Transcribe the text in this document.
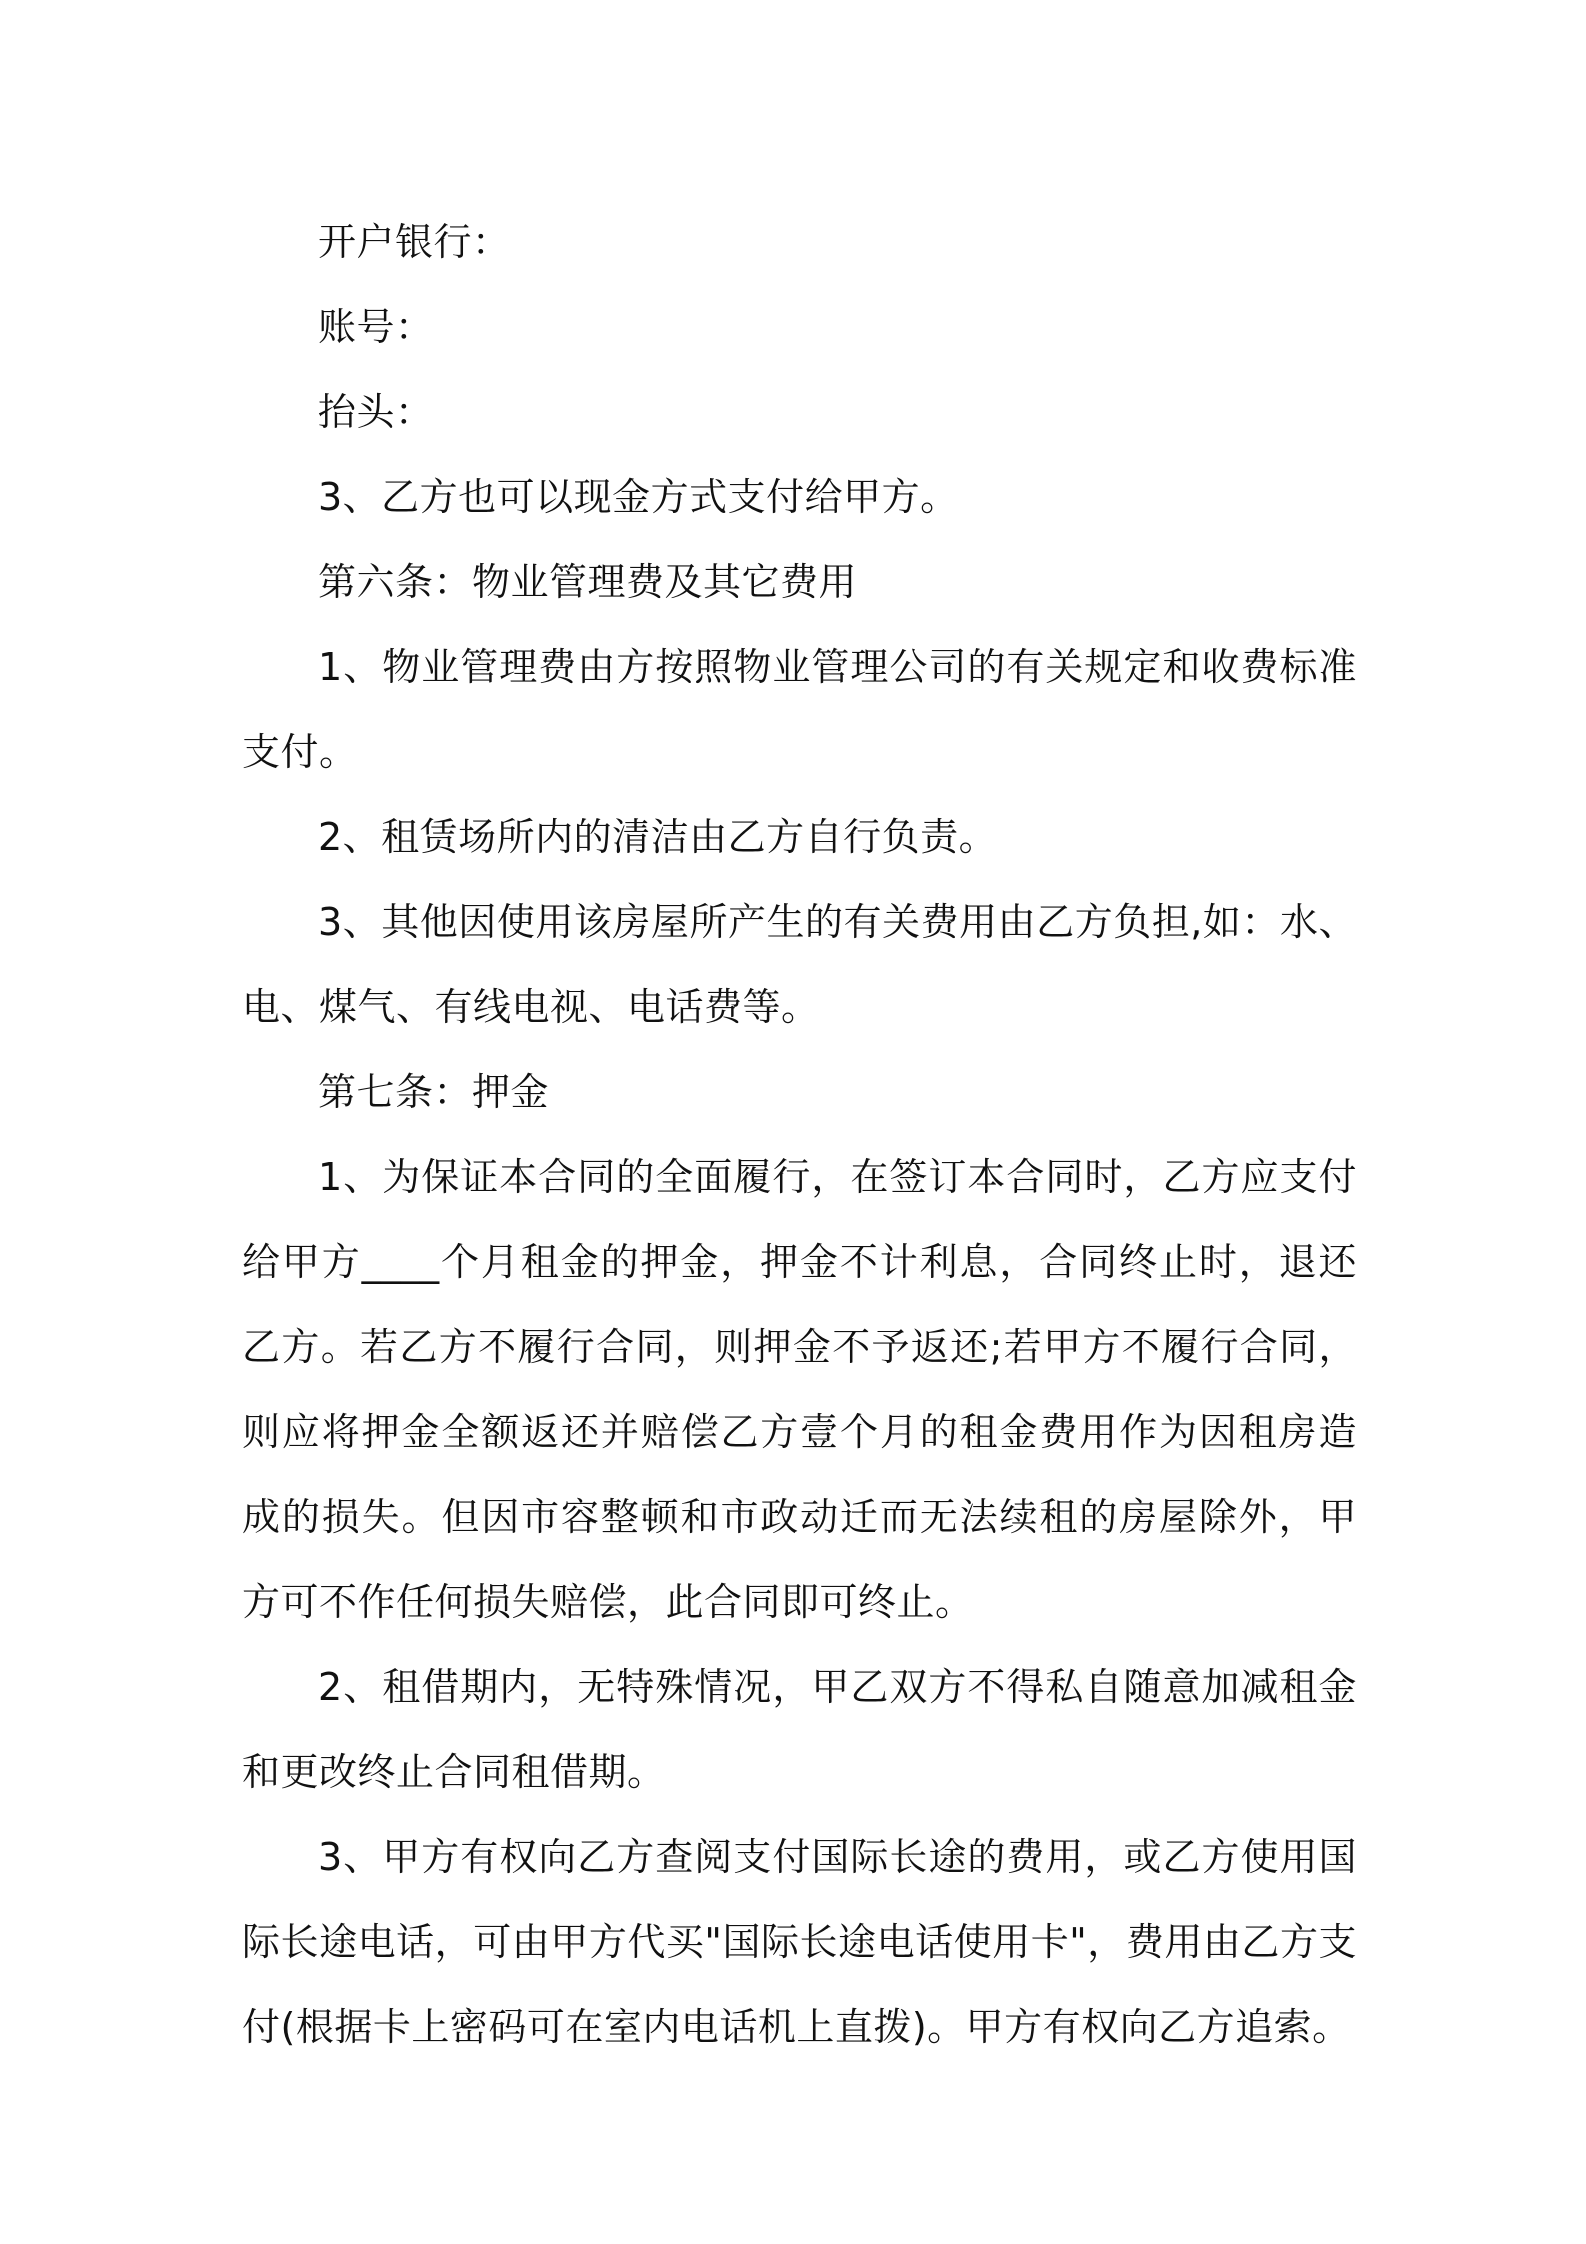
开户银行：

账号：

抬头：

3、乙方也可以现金方式支付给甲方。

第六条：物业管理费及其它费用

1、物业管理费由方按照物业管理公司的有关规定和收费标准支付。

2、租赁场所内的清洁由乙方自行负责。

3、其他因使用该房屋所产生的有关费用由乙方负担,如：水、电、煤气、有线电视、电话费等。

第七条：押金

1、为保证本合同的全面履行，在签订本合同时，乙方应支付给甲方____个月租金的押金，押金不计利息，合同终止时，退还乙方。若乙方不履行合同，则押金不予返还;若甲方不履行合同，则应将押金全额返还并赔偿乙方壹个月的租金费用作为因租房造成的损失。但因市容整顿和市政动迁而无法续租的房屋除外，甲方可不作任何损失赔偿，此合同即可终止。

2、租借期内，无特殊情况，甲乙双方不得私自随意加减租金和更改终止合同租借期。

3、甲方有权向乙方查阅支付国际长途的费用，或乙方使用国际长途电话，可由甲方代买"国际长途电话使用卡"，费用由乙方支付(根据卡上密码可在室内电话机上直拨)。甲方有权向乙方追索。
